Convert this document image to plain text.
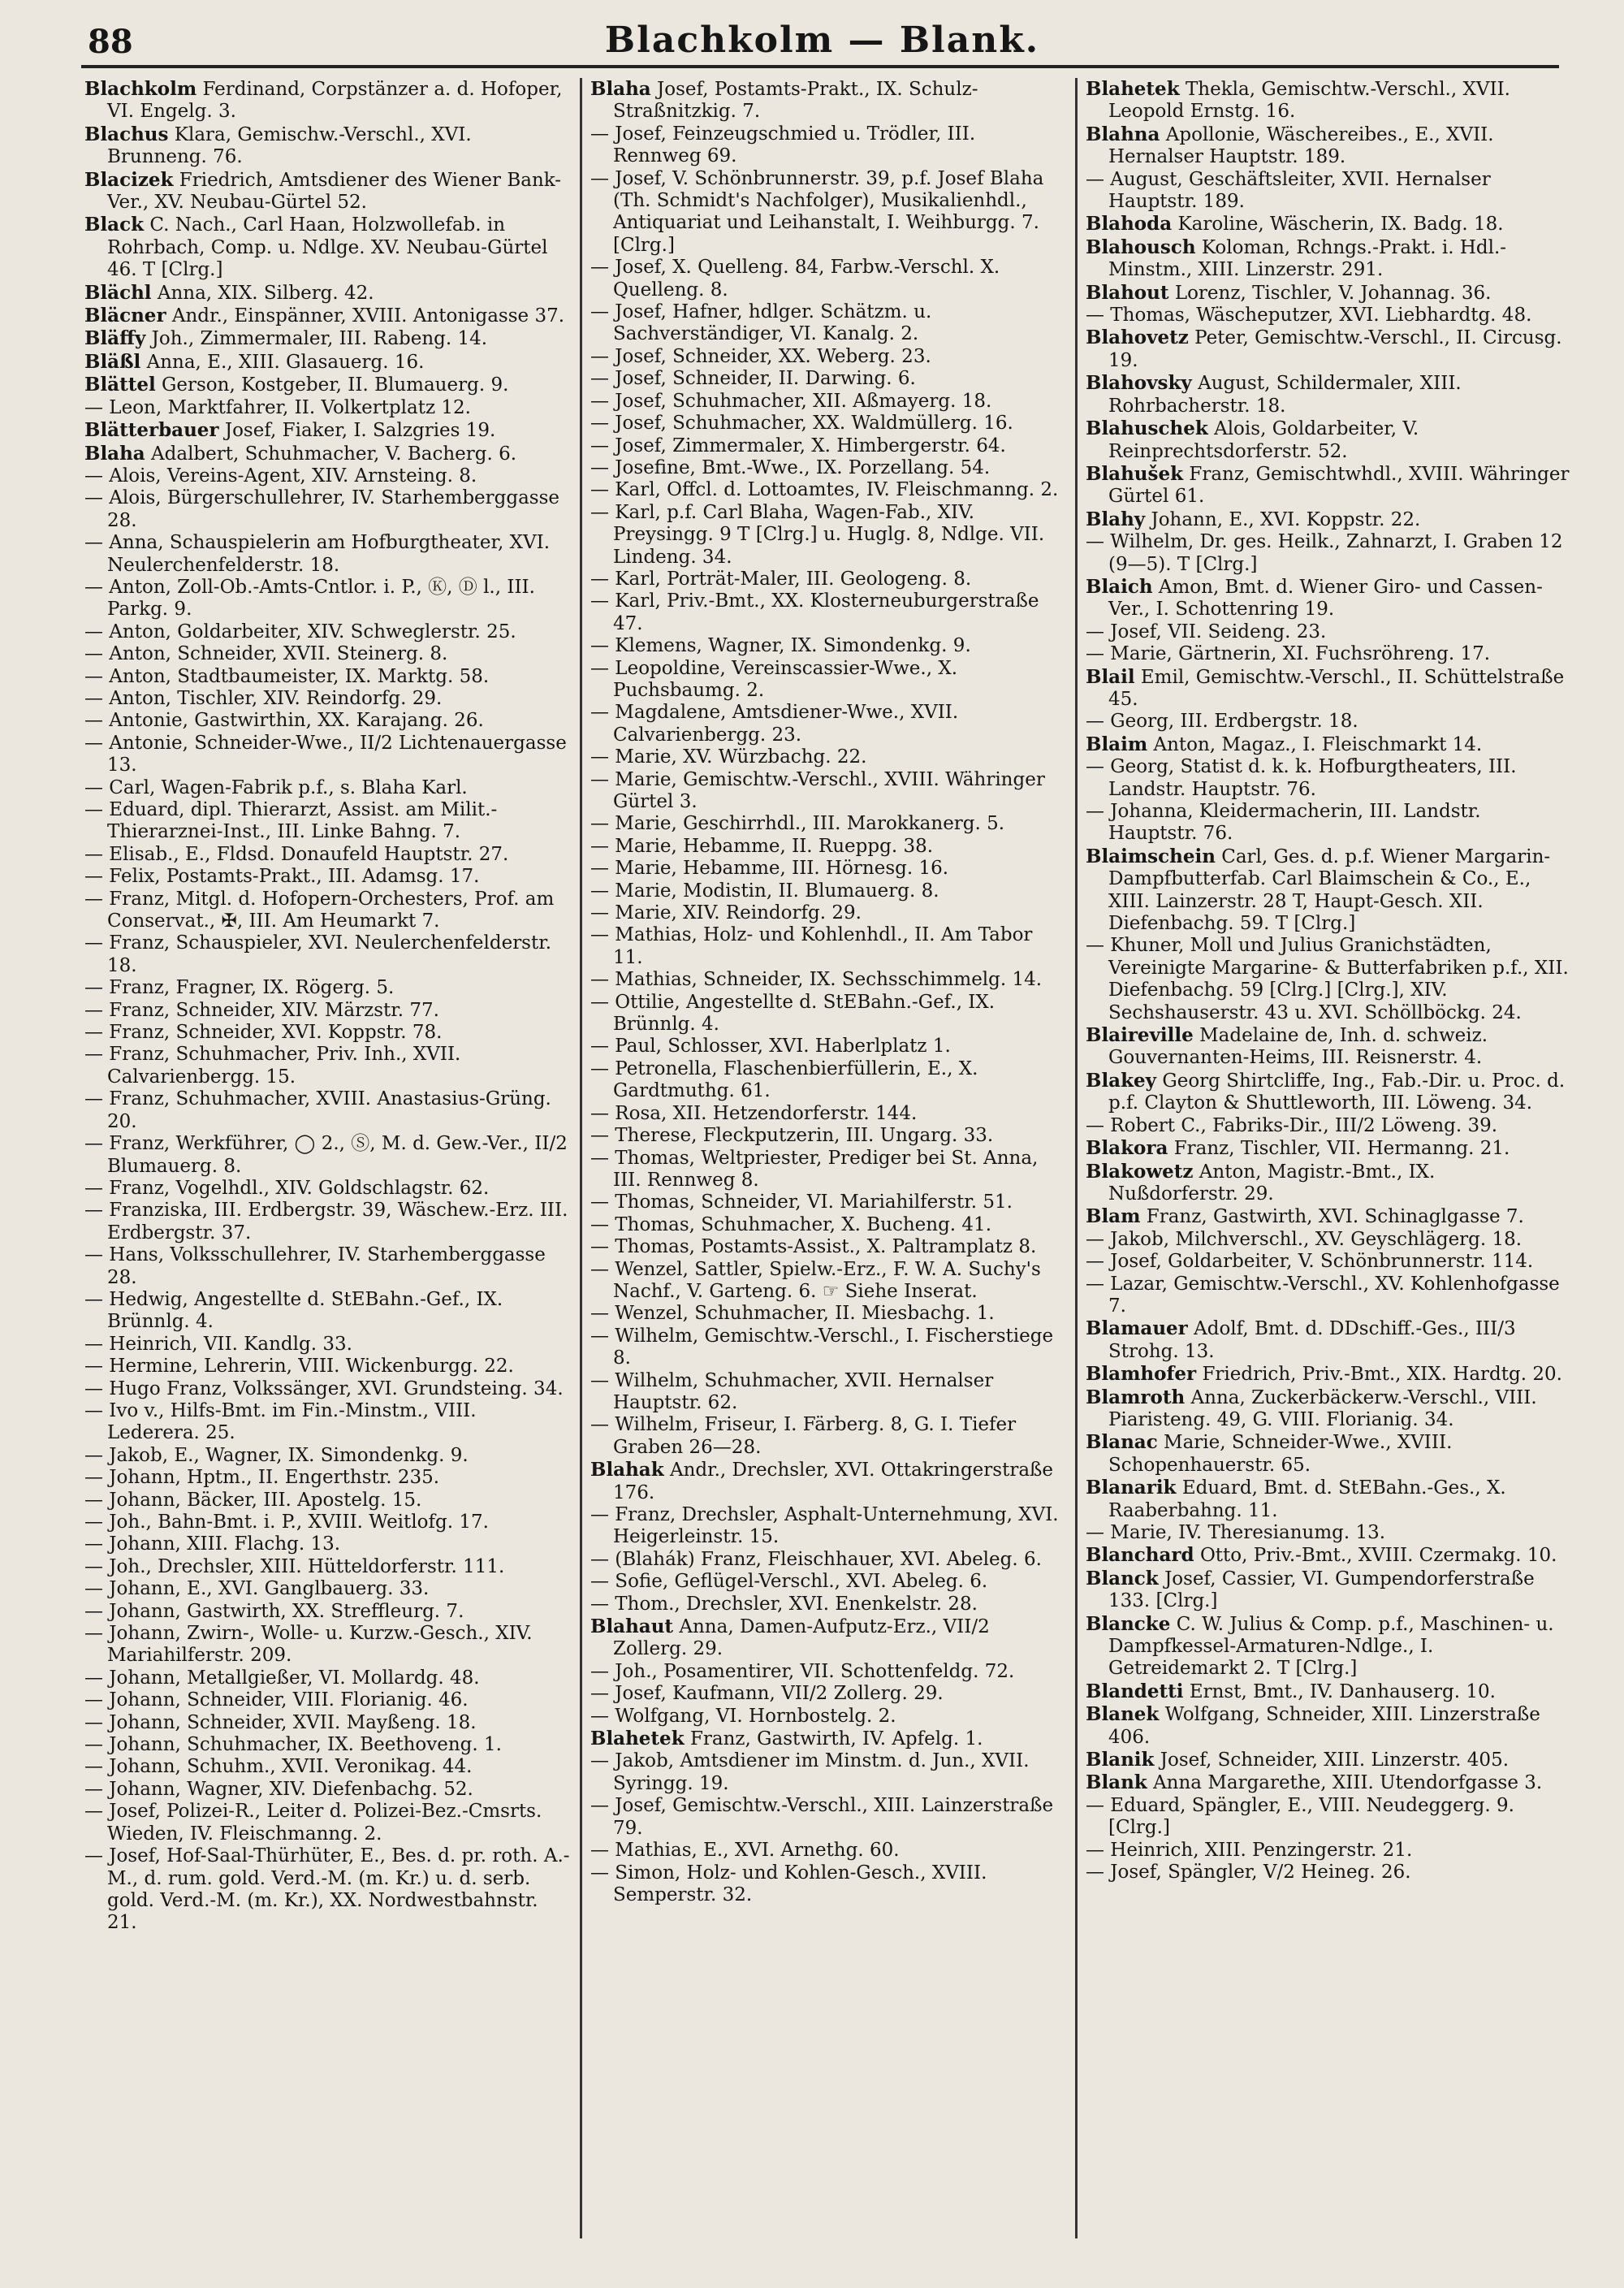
88	Blachkolm — Blank.

Blachkolm Ferdinand, Corpstänzer a. d. Hofoper, VI. Engelg. 3.

Blachus Klara, Gemischw.-Verschl., XVI. Brunneng. 76.

Blacizek Friedrich, Amtsdiener des Wiener Bank-Ver., XV. Neubau-Gürtel 52.

Black C. Nach., Carl Haan, Holzwollefab. in Rohrbach, Comp. u. Ndlge. XV. Neubau-Gürtel 46. T [Clrg.]

Blächl Anna, XIX. Silberg. 42.

Bläcner Andr., Einspänner, XVIII. Antonigasse 37.

Bläffy Joh., Zimmermaler, III. Rabeng. 14.

Bläßl Anna, E., XIII. Glasauerg. 16.

Blättel Gerson, Kostgeber, II. Blumauerg. 9.

— Leon, Marktfahrer, II. Volkertplatz 12.

Blätterbauer Josef, Fiaker, I. Salzgries 19.

Blaha Adalbert, Schuhmacher, V. Bacherg. 6.

— Alois, Vereins-Agent, XIV. Arnsteing. 8.

— Alois, Bürgerschullehrer, IV. Starhemberggasse 28.

— Anna, Schauspielerin am Hofburgtheater, XVI. Neulerchenfelderstr. 18.

— Anton, Zoll-Ob.-Amts-Cntlor. i. P., Ⓚ, Ⓓ l., III. Parkg. 9.

— Anton, Goldarbeiter, XIV. Schweglerstr. 25.

— Anton, Schneider, XVII. Steinerg. 8.

— Anton, Stadtbaumeister, IX. Marktg. 58.

— Anton, Tischler, XIV. Reindorfg. 29.

— Antonie, Gastwirthin, XX. Karajang. 26.

— Antonie, Schneider-Wwe., II/2 Lichtenauergasse 13.

— Carl, Wagen-Fabrik p.f., s. Blaha Karl.

— Eduard, dipl. Thierarzt, Assist. am Milit.-Thierarznei-Inst., III. Linke Bahng. 7.

— Elisab., E., Fldsd. Donaufeld Hauptstr. 27.

— Felix, Postamts-Prakt., III. Adamsg. 17.

— Franz, Mitgl. d. Hofopern-Orchesters, Prof. am Conservat., ✠, III. Am Heumarkt 7.

— Franz, Schauspieler, XVI. Neulerchenfelderstr. 18.

— Franz, Fragner, IX. Rögerg. 5.

— Franz, Schneider, XIV. Märzstr. 77.

— Franz, Schneider, XVI. Koppstr. 78.

— Franz, Schuhmacher, Priv. Inh., XVII. Calvarienbergg. 15.

— Franz, Schuhmacher, XVIII. Anastasius-Grüng. 20.

— Franz, Werkführer, ◯ 2., Ⓢ, M. d. Gew.-Ver., II/2 Blumauerg. 8.

— Franz, Vogelhdl., XIV. Goldschlagstr. 62.

— Franziska, III. Erdbergstr. 39, Wäschew.-Erz. III. Erdbergstr. 37.

— Hans, Volksschullehrer, IV. Starhemberggasse 28.

— Hedwig, Angestellte d. StEBahn.-Gef., IX. Brünnlg. 4.

— Heinrich, VII. Kandlg. 33.

— Hermine, Lehrerin, VIII. Wickenburgg. 22.

— Hugo Franz, Volkssänger, XVI. Grundsteing. 34.

— Ivo v., Hilfs-Bmt. im Fin.-Minstm., VIII. Lederera. 25.

— Jakob, E., Wagner, IX. Simondenkg. 9.

— Johann, Hptm., II. Engerthstr. 235.

— Johann, Bäcker, III. Apostelg. 15.

— Joh., Bahn-Bmt. i. P., XVIII. Weitlofg. 17.

— Johann, XIII. Flachg. 13.

— Joh., Drechsler, XIII. Hütteldorferstr. 111.

— Johann, E., XVI. Ganglbauerg. 33.

— Johann, Gastwirth, XX. Streffleurg. 7.

— Johann, Zwirn-, Wolle- u. Kurzw.-Gesch., XIV. Mariahilferstr. 209.

— Johann, Metallgießer, VI. Mollardg. 48.

— Johann, Schneider, VIII. Florianig. 46.

— Johann, Schneider, XVII. Mayßeng. 18.

— Johann, Schuhmacher, IX. Beethoveng. 1.

— Johann, Schuhm., XVII. Veronikag. 44.

— Johann, Wagner, XIV. Diefenbachg. 52.

— Josef, Polizei-R., Leiter d. Polizei-Bez.-Cmsrts. Wieden, IV. Fleischmanng. 2.

— Josef, Hof-Saal-Thürhüter, E., Bes. d. pr. roth. A.-M., d. rum. gold. Verd.-M. (m. Kr.) u. d. serb. gold. Verd.-M. (m. Kr.), XX. Nordwestbahnstr. 21.

Blaha Josef, Postamts-Prakt., IX. Schulz-Straßnitzkig. 7.

— Josef, Feinzeugschmied u. Trödler, III. Rennweg 69.

— Josef, V. Schönbrunnerstr. 39, p.f. Josef Blaha (Th. Schmidt's Nachfolger), Musikalienhdl., Antiquariat und Leihanstalt, I. Weihburgg. 7. [Clrg.]

— Josef, X. Quelleng. 84, Farbw.-Verschl. X. Quelleng. 8.

— Josef, Hafner, hdlger. Schätzm. u. Sachverständiger, VI. Kanalg. 2.

— Josef, Schneider, XX. Weberg. 23.

— Josef, Schneider, II. Darwing. 6.

— Josef, Schuhmacher, XII. Aßmayerg. 18.

— Josef, Schuhmacher, XX. Waldmüllerg. 16.

— Josef, Zimmermaler, X. Himbergerstr. 64.

— Josefine, Bmt.-Wwe., IX. Porzellang. 54.

— Karl, Offcl. d. Lottoamtes, IV. Fleischmanng. 2.

— Karl, p.f. Carl Blaha, Wagen-Fab., XIV. Preysingg. 9 T [Clrg.] u. Huglg. 8, Ndlge. VII. Lindeng. 34.

— Karl, Porträt-Maler, III. Geologeng. 8.

— Karl, Priv.-Bmt., XX. Klosterneuburgerstraße 47.

— Klemens, Wagner, IX. Simondenkg. 9.

— Leopoldine, Vereinscassier-Wwe., X. Puchsbaumg. 2.

— Magdalene, Amtsdiener-Wwe., XVII. Calvarienbergg. 23.

— Marie, XV. Würzbachg. 22.

— Marie, Gemischtw.-Verschl., XVIII. Währinger Gürtel 3.

— Marie, Geschirrhdl., III. Marokkanerg. 5.

— Marie, Hebamme, II. Rueppg. 38.

— Marie, Hebamme, III. Hörnesg. 16.

— Marie, Modistin, II. Blumauerg. 8.

— Marie, XIV. Reindorfg. 29.

— Mathias, Holz- und Kohlenhdl., II. Am Tabor 11.

— Mathias, Schneider, IX. Sechsschimmelg. 14.

— Ottilie, Angestellte d. StEBahn.-Gef., IX. Brünnlg. 4.

— Paul, Schlosser, XVI. Haberlplatz 1.

— Petronella, Flaschenbierfüllerin, E., X. Gardtmuthg. 61.

— Rosa, XII. Hetzendorferstr. 144.

— Therese, Fleckputzerin, III. Ungarg. 33.

— Thomas, Weltpriester, Prediger bei St. Anna, III. Rennweg 8.

— Thomas, Schneider, VI. Mariahilferstr. 51.

— Thomas, Schuhmacher, X. Bucheng. 41.

— Thomas, Postamts-Assist., X. Paltramplatz 8.

— Wenzel, Sattler, Spielw.-Erz., F. W. A. Suchy's Nachf., V. Garteng. 6. ☞ Siehe Inserat.

— Wenzel, Schuhmacher, II. Miesbachg. 1.

— Wilhelm, Gemischtw.-Verschl., I. Fischerstiege 8.

— Wilhelm, Schuhmacher, XVII. Hernalser Hauptstr. 62.

— Wilhelm, Friseur, I. Färberg. 8, G. I. Tiefer Graben 26—28.

Blahak Andr., Drechsler, XVI. Ottakringerstraße 176.

— Franz, Drechsler, Asphalt-Unternehmung, XVI. Heigerleinstr. 15.

— (Blahák) Franz, Fleischhauer, XVI. Abeleg. 6.

— Sofie, Geflügel-Verschl., XVI. Abeleg. 6.

— Thom., Drechsler, XVI. Enenkelstr. 28.

Blahaut Anna, Damen-Aufputz-Erz., VII/2 Zollerg. 29.

— Joh., Posamentirer, VII. Schottenfeldg. 72.

— Josef, Kaufmann, VII/2 Zollerg. 29.

— Wolfgang, VI. Hornbostelg. 2.

Blahetek Franz, Gastwirth, IV. Apfelg. 1.

— Jakob, Amtsdiener im Minstm. d. Jun., XVII. Syringg. 19.

— Josef, Gemischtw.-Verschl., XIII. Lainzerstraße 79.

— Mathias, E., XVI. Arnethg. 60.

— Simon, Holz- und Kohlen-Gesch., XVIII. Semperstr. 32.

Blahetek Thekla, Gemischtw.-Verschl., XVII. Leopold Ernstg. 16.

Blahna Apollonie, Wäschereibes., E., XVII. Hernalser Hauptstr. 189.

— August, Geschäftsleiter, XVII. Hernalser Hauptstr. 189.

Blahoda Karoline, Wäscherin, IX. Badg. 18.

Blahousch Koloman, Rchngs.-Prakt. i. Hdl.-Minstm., XIII. Linzerstr. 291.

Blahout Lorenz, Tischler, V. Johannag. 36.

— Thomas, Wäscheputzer, XVI. Liebhardtg. 48.

Blahovetz Peter, Gemischtw.-Verschl., II. Circusg. 19.

Blahovsky August, Schildermaler, XIII. Rohrbacherstr. 18.

Blahuschek Alois, Goldarbeiter, V. Reinprechtsdorferstr. 52.

Blahušek Franz, Gemischtwhdl., XVIII. Währinger Gürtel 61.

Blahy Johann, E., XVI. Koppstr. 22.

— Wilhelm, Dr. ges. Heilk., Zahnarzt, I. Graben 12 (9—5). T [Clrg.]

Blaich Amon, Bmt. d. Wiener Giro- und Cassen-Ver., I. Schottenring 19.

— Josef, VII. Seideng. 23.

— Marie, Gärtnerin, XI. Fuchsröhreng. 17.

Blail Emil, Gemischtw.-Verschl., II. Schüttelstraße 45.

— Georg, III. Erdbergstr. 18.

Blaim Anton, Magaz., I. Fleischmarkt 14.

— Georg, Statist d. k. k. Hofburgtheaters, III. Landstr. Hauptstr. 76.

— Johanna, Kleidermacherin, III. Landstr. Hauptstr. 76.

Blaimschein Carl, Ges. d. p.f. Wiener Margarin-Dampfbutterfab. Carl Blaimschein & Co., E., XIII. Lainzerstr. 28 T, Haupt-Gesch. XII. Diefenbachg. 59. T [Clrg.]

— Khuner, Moll und Julius Granichstädten, Vereinigte Margarine- & Butterfabriken p.f., XII. Diefenbachg. 59 [Clrg.] [Clrg.], XIV. Sechshauserstr. 43 u. XVI. Schöllböckg. 24.

Blaireville Madelaine de, Inh. d. schweiz. Gouvernanten-Heims, III. Reisnerstr. 4.

Blakey Georg Shirtcliffe, Ing., Fab.-Dir. u. Proc. d. p.f. Clayton & Shuttleworth, III. Löweng. 34.

— Robert C., Fabriks-Dir., III/2 Löweng. 39.

Blakora Franz, Tischler, VII. Hermanng. 21.

Blakowetz Anton, Magistr.-Bmt., IX. Nußdorferstr. 29.

Blam Franz, Gastwirth, XVI. Schinaglgasse 7.

— Jakob, Milchverschl., XV. Geyschlägerg. 18.

— Josef, Goldarbeiter, V. Schönbrunnerstr. 114.

— Lazar, Gemischtw.-Verschl., XV. Kohlenhofgasse 7.

Blamauer Adolf, Bmt. d. DDschiff.-Ges., III/3 Strohg. 13.

Blamhofer Friedrich, Priv.-Bmt., XIX. Hardtg. 20.

Blamroth Anna, Zuckerbäckerw.-Verschl., VIII. Piaristeng. 49, G. VIII. Florianig. 34.

Blanac Marie, Schneider-Wwe., XVIII. Schopenhauerstr. 65.

Blanarik Eduard, Bmt. d. StEBahn.-Ges., X. Raaberbahng. 11.

— Marie, IV. Theresianumg. 13.

Blanchard Otto, Priv.-Bmt., XVIII. Czermakg. 10.

Blanck Josef, Cassier, VI. Gumpendorferstraße 133. [Clrg.]

Blancke C. W. Julius & Comp. p.f., Maschinen- u. Dampfkessel-Armaturen-Ndlge., I. Getreidemarkt 2. T [Clrg.]

Blandetti Ernst, Bmt., IV. Danhauserg. 10.

Blanek Wolfgang, Schneider, XIII. Linzerstraße 406.

Blanik Josef, Schneider, XIII. Linzerstr. 405.

Blank Anna Margarethe, XIII. Utendorfgasse 3.

— Eduard, Spängler, E., VIII. Neudeggerg. 9. [Clrg.]

— Heinrich, XIII. Penzingerstr. 21.

— Josef, Spängler, V/2 Heineg. 26.
